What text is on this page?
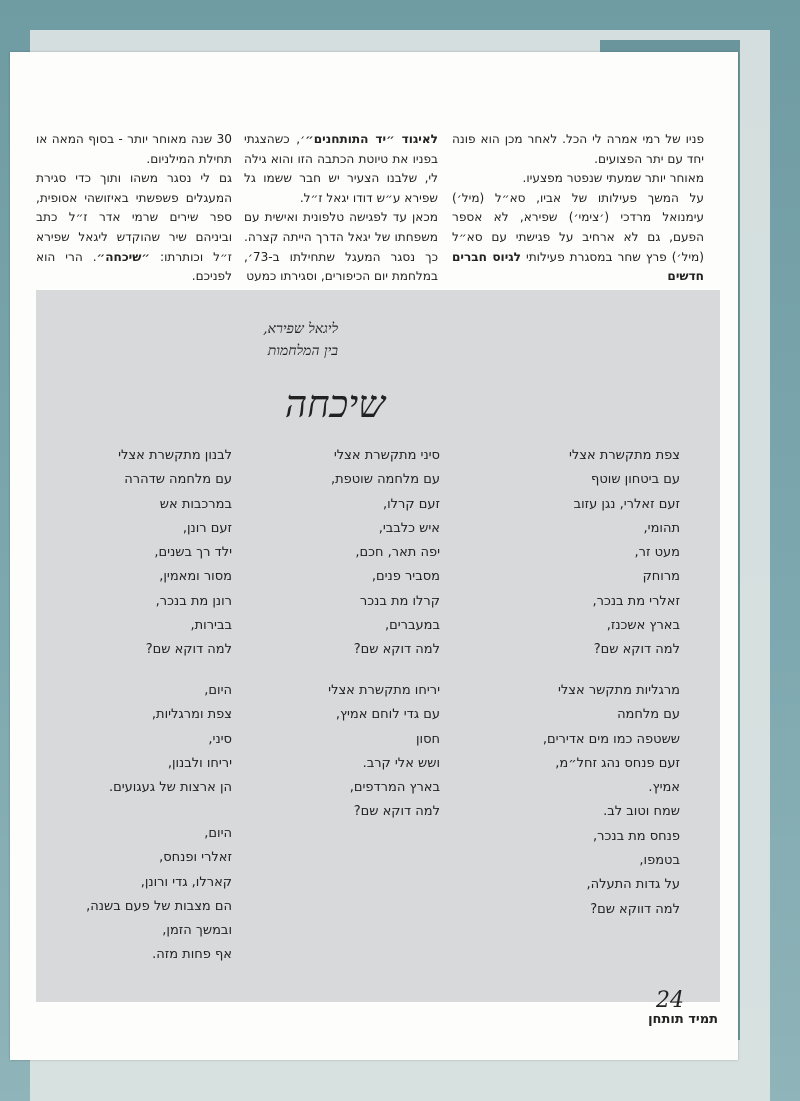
פניו של רמי אמרה לי הכל. לאחר מכן הוא פונה יחד עם יתר הפצועים.

מאוחר יותר שמעתי שנפטר מפצעיו.

על המשך פעילותו של אביו, סא״ל (מיל׳) עימנואל מרדכי (׳צימי׳) שפירא, לא אספר הפעם, גם לא ארחיב על פגישתי עם סא״ל (מיל׳) פרץ שחר במסגרת פעילותי לגיוס חברים חדשים

לאיגוד ״יד התותחנים״׳, כשהצגתי בפניו את טיוטת הכתבה הזו והוא גילה לי, שלבנו הצעיר יש חבר ששמו גל שפירא ע״ש דודו יגאל ז״ל.

מכאן עד לפגישה טלפונית ואישית עם משפחתו של יגאל הדרך הייתה קצרה. כך נסגר המעגל שתחילתו ב-73׳, במלחמת יום הכיפורים, וסגירתו כמעט

30 שנה מאוחר יותר - בסוף המאה או תחילת המילניום.

גם לי נסגר משהו ותוך כדי סגירת המעגלים פשפשתי באיזושהי אסופית, ספר שירים שרמי אדר ז״ל כתב וביניהם שיר שהוקדש ליגאל שפירא ז״ל וכותרתו: ״שיכחה״. הרי הוא לפניכם.

ליגאל שפירא,
בין המלחמות
שיכחה
צפת מתקשרת אצלי
עם ביטחון שוטף
זעם זאלרי, נגן עזוב
תהומי,
מעט זר,
מרוחק
זאלרי מת בנכר,
בארץ אשכנז,
למה דוקא שם?
סיני מתקשרת אצלי
עם מלחמה שוטפת,
זעם קרלו,
איש כלבבי,
יפה תאר, חכם,
מסביר פנים,
קרלו מת בנכר
במעברים,
למה דוקא שם?
לבנון מתקשרת אצלי
עם מלחמה שדהרה
במרכבות אש
זעם רונן,
ילד רך בשנים,
מסור ומאמין,
רונן מת בנכר,
בבירות,
למה דוקא שם?
מרגליות מתקשר אצלי
עם מלחמה
ששטפה כמו מים אדירים,
זעם פנחס נהג זחל״מ,
אמיץ.
שמח וטוב לב.
פנחס מת בנכר,
בטמפו,
על גדות התעלה,
למה דווקא שם?
יריחו מתקשרת אצלי
עם גדי לוחם אמיץ,
חסון
ושש אלי קרב.
בארץ המרדפים,
למה דוקא שם?
היום,
צפת ומרגליות,
סיני,
יריחו ולבנון,
הן ארצות של געגועים.
היום,
זאלרי ופנחס,
קארלו, גדי ורונן,
הם מצבות של פעם בשנה,
ובמשך הזמן,
אף פחות מזה.
24
תמיד תותחן
